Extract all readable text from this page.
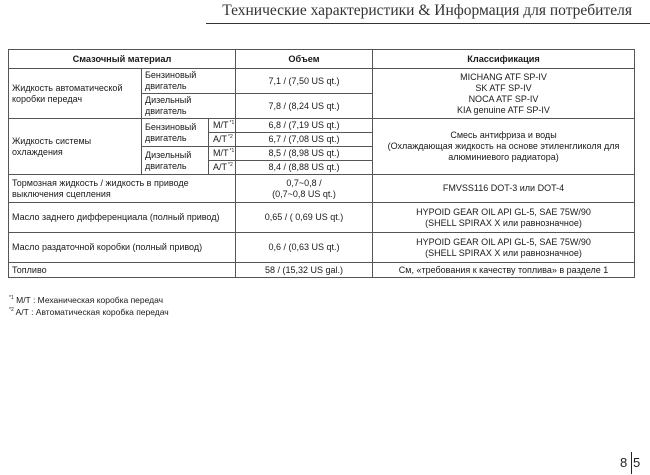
Технические характеристики & Информация для потребителя
Смазочный материал			Объем	Классификация
Жидкость автоматической коробки передач	Бензиновый двигатель		7,1 / (7,50 US qt.)	MICHANG ATF SP-IV
SK ATF SP-IV
NOCA ATF SP-IV
KIA genuine ATF SP-IV

	Дизельный двигатель		7,8 / (8,24 US qt.)	
Жидкость системы охлаждения	Бензиновый двигатель	$M/T^{*1}$	6,8 / (7,19 US qt.)	Смесь антифриза и воды
(Охлаждающая жидкость на основе этиленгликоля для
алюминиевого радиатора)

		$A/T^{*2}$	6,7 / (7,08 US qt.)	
	Дизельный двигатель	$M/T^{*1}$	8,5 / (8,98 US qt.)	
		$A/T^{*2}$	8,4 / (8,88 US qt.)	
Тормозная жидкость / жидкость в приводе выключения сцепления			0,7~0,8 /
(0,7~0,8 US qt.)	FMVSS116 DOT-3 или DOT-4
Масло заднего дифференциала (полный привод)			0,65 / ( 0,69 US qt.)	HYPOID GEAR OIL API GL-5, SAE 75W/90
(SHELL SPIRAX X или равнозначное)

Масло раздаточной коробки (полный привод)			0,6 / (0,63 US qt.)	HYPOID GEAR OIL API GL-5, SAE 75W/90
(SHELL SPIRAX X или равнозначное)

Топливо			58 / (15,32 US gal.)	См, «требования к качеству топлива» в разделе 1
$^{*1}$ M/T : Механическая коробка передач
$^{*2}$ A/T : Автоматическая коробка передач
8 5
